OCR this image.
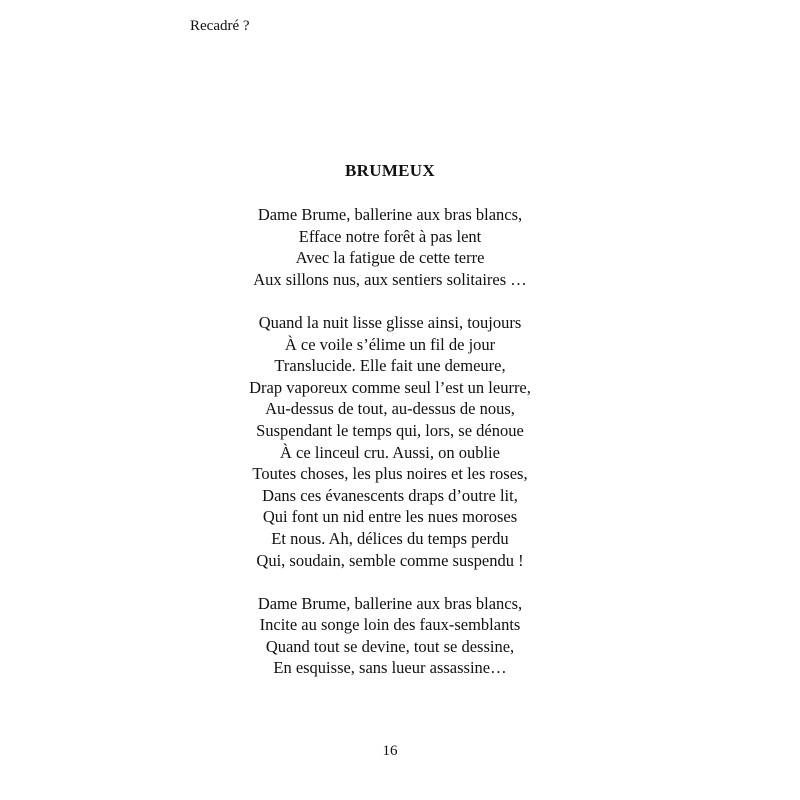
Recadré ?
BRUMEUX
Dame Brume, ballerine aux bras blancs,
Efface notre forêt à pas lent
Avec la fatigue de cette terre
Aux sillons nus, aux sentiers solitaires …
Quand la nuit lisse glisse ainsi, toujours
À ce voile s’élime un fil de jour
Translucide. Elle fait une demeure,
Drap vaporeux comme seul l’est un leurre,
Au-dessus de tout, au-dessus de nous,
Suspendant le temps qui, lors, se dénoue
À ce linceul cru. Aussi, on oublie
Toutes choses, les plus noires et les roses,
Dans ces évanescents draps d’outre lit,
Qui font un nid entre les nues moroses
Et nous. Ah, délices du temps perdu
Qui, soudain, semble comme suspendu !
Dame Brume, ballerine aux bras blancs,
Incite au songe loin des faux-semblants
Quand tout se devine, tout se dessine,
En esquisse, sans lueur assassine…
16
